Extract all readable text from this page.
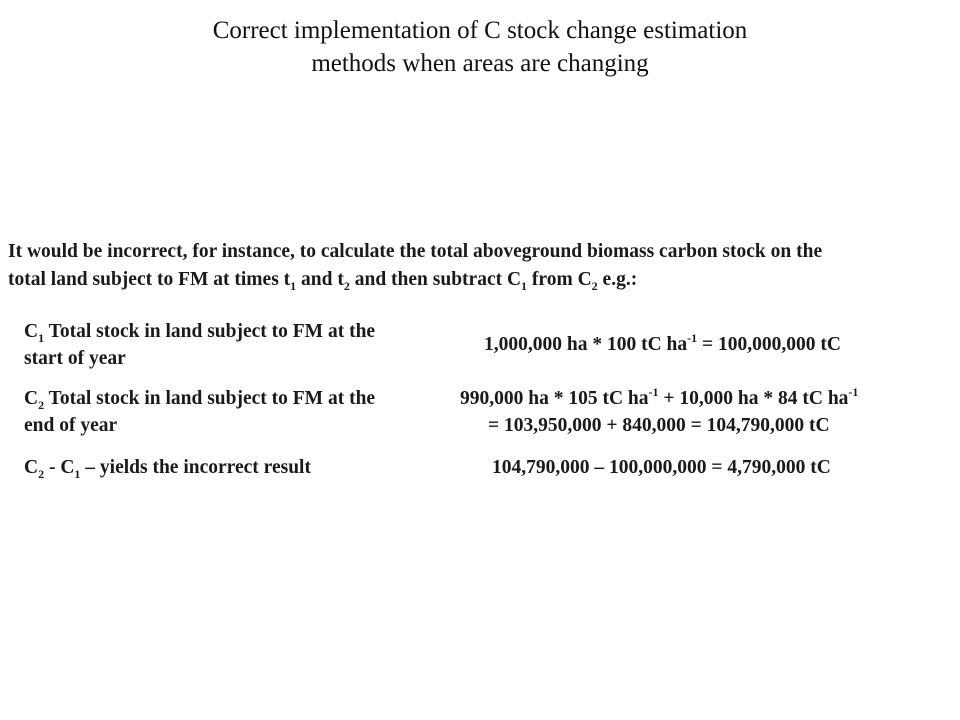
Correct implementation of C stock change estimation
methods when areas are changing

It would be incorrect, for instance, to calculate the total aboveground biomass carbon stock on the
total land subject to FM at times $t_1$ and $t_2$ and then subtract $C_1$ from $C_2$ e.g.:

$C_1$ Total stock in land subject to FM at the
start of year
1,000,000 ha * 100 tC $ha^{-1} = 100,000,000$ tC
$C_2$ Total stock in land subject to FM at the
end of year
990,000 ha * 105 tC $ha^{-1} + 10,000$ ha * 84 tC $ha^{-1}$
= 103,950,000 + 840,000 = 104,790,000 tC
$C_2 - C_1$ – yields the incorrect result	104,790,000 – 100,000,000 = 4,790,000 tC
